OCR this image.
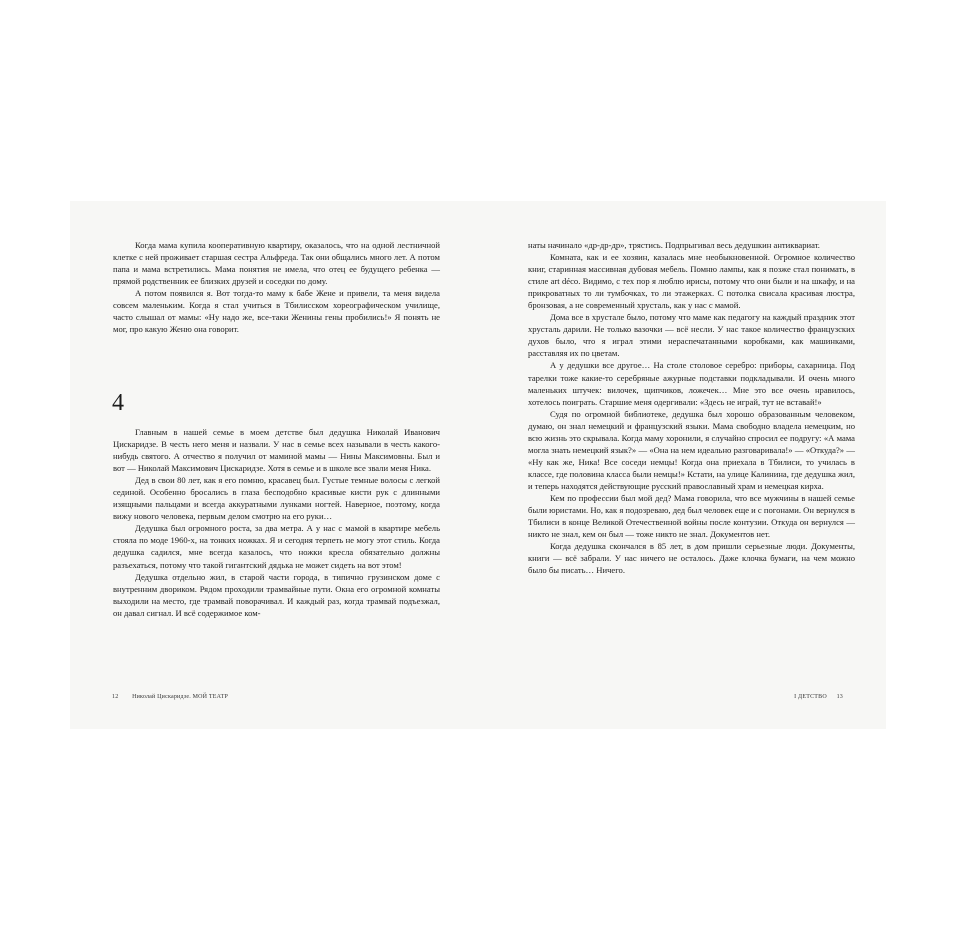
Когда мама купила кооперативную квартиру, оказалось, что на одной лестничной клетке с ней проживает старшая сестра Альфреда. Так они общались много лет. А потом папа и мама встретились. Мама понятия не имела, что отец ее будущего ребенка — прямой родственник ее близких друзей и соседки по дому.

А потом появился я. Вот тогда-то маму к бабе Жене и привели, та меня видела совсем маленьким. Когда я стал учиться в Тбилисском хореографическом училище, часто слышал от мамы: «Ну надо же, все-таки Женины гены пробились!» Я понять не мог, про какую Женю она говорит.

4

Главным в нашей семье в моем детстве был дедушка Николай Иванович Цискаридзе. В честь него меня и назвали. У нас в семье всех называли в честь какого-нибудь святого. А отчество я получил от маминой мамы — Нины Максимовны. Был и вот — Николай Максимович Цискаридзе. Хотя в семье и в школе все звали меня Ника.

Дед в свои 80 лет, как я его помню, красавец был. Густые темные волосы с легкой сединой. Особенно бросались в глаза бесподобно красивые кисти рук с длинными изящными пальцами и всегда аккуратными лунками ногтей. Наверное, поэтому, когда вижу нового человека, первым делом смотрю на его руки…

Дедушка был огромного роста, за два метра. А у нас с мамой в квартире мебель стояла по моде 1960-х, на тонких ножках. Я и сегодня терпеть не могу этот стиль. Когда дедушка садился, мне всегда казалось, что ножки кресла обязательно должны разъехаться, потому что такой гигантский дядька не может сидеть на вот этом!

Дедушка отдельно жил, в старой части города, в типично грузинском доме с внутренним двориком. Рядом проходили трамвайные пути. Окна его огромной комнаты выходили на место, где трамвай поворачивал. И каждый раз, когда трамвай подъезжал, он давал сигнал. И всё содержимое ком-

12 Николай Цискаридзе. МОЙ ТЕАТР

наты начинало «др-др-др», трястись. Подпрыгивал весь дедушкин антиквариат.

Комната, как и ее хозяин, казалась мне необыкновенной. Огромное количество книг, старинная массивная дубовая мебель. Помню лампы, как я позже стал понимать, в стиле art déco. Видимо, с тех пор я люблю ирисы, потому что они были и на шкафу, и на прикроватных то ли тумбочках, то ли этажерках. С потолка свисала красивая люстра, бронзовая, а не современный хрусталь, как у нас с мамой.

Дома все в хрустале было, потому что маме как педагогу на каждый праздник этот хрусталь дарили. Не только вазочки — всё несли. У нас такое количество французских духов было, что я играл этими нераспечатанными коробками, как машинками, расставляя их по цветам.

А у дедушки все другое… На столе столовое серебро: приборы, сахарница. Под тарелки тоже какие-то серебряные ажурные подставки подкладывали. И очень много маленьких штучек: вилочек, щипчиков, ложечек… Мне это все очень нравилось, хотелось поиграть. Старшие меня одергивали: «Здесь не играй, тут не вставай!»

Судя по огромной библиотеке, дедушка был хорошо образованным человеком, думаю, он знал немецкий и французский языки. Мама свободно владела немецким, но всю жизнь это скрывала. Когда маму хоронили, я случайно спросил ее подругу: «А мама могла знать немецкий язык?» — «Она на нем идеально разговаривала!» — «Откуда?» — «Ну как же, Ника! Все соседи немцы! Когда она приехала в Тбилиси, то училась в классе, где половина класса были немцы!» Кстати, на улице Калинина, где дедушка жил, и теперь находятся действующие русский православный храм и немецкая кирха.

Кем по профессии был мой дед? Мама говорила, что все мужчины в нашей семье были юристами. Но, как я подозреваю, дед был человек еще и с погонами. Он вернулся в Тбилиси в конце Великой Отечественной войны после контузии. Откуда он вернулся — никто не знал, кем он был — тоже никто не знал. Документов нет.

Когда дедушка скончался в 85 лет, в дом пришли серьезные люди. Документы, книги — всё забрали. У нас ничего не осталось. Даже клочка бумаги, на чем можно было бы писать… Ничего.

I ДЕТСТВО 13
